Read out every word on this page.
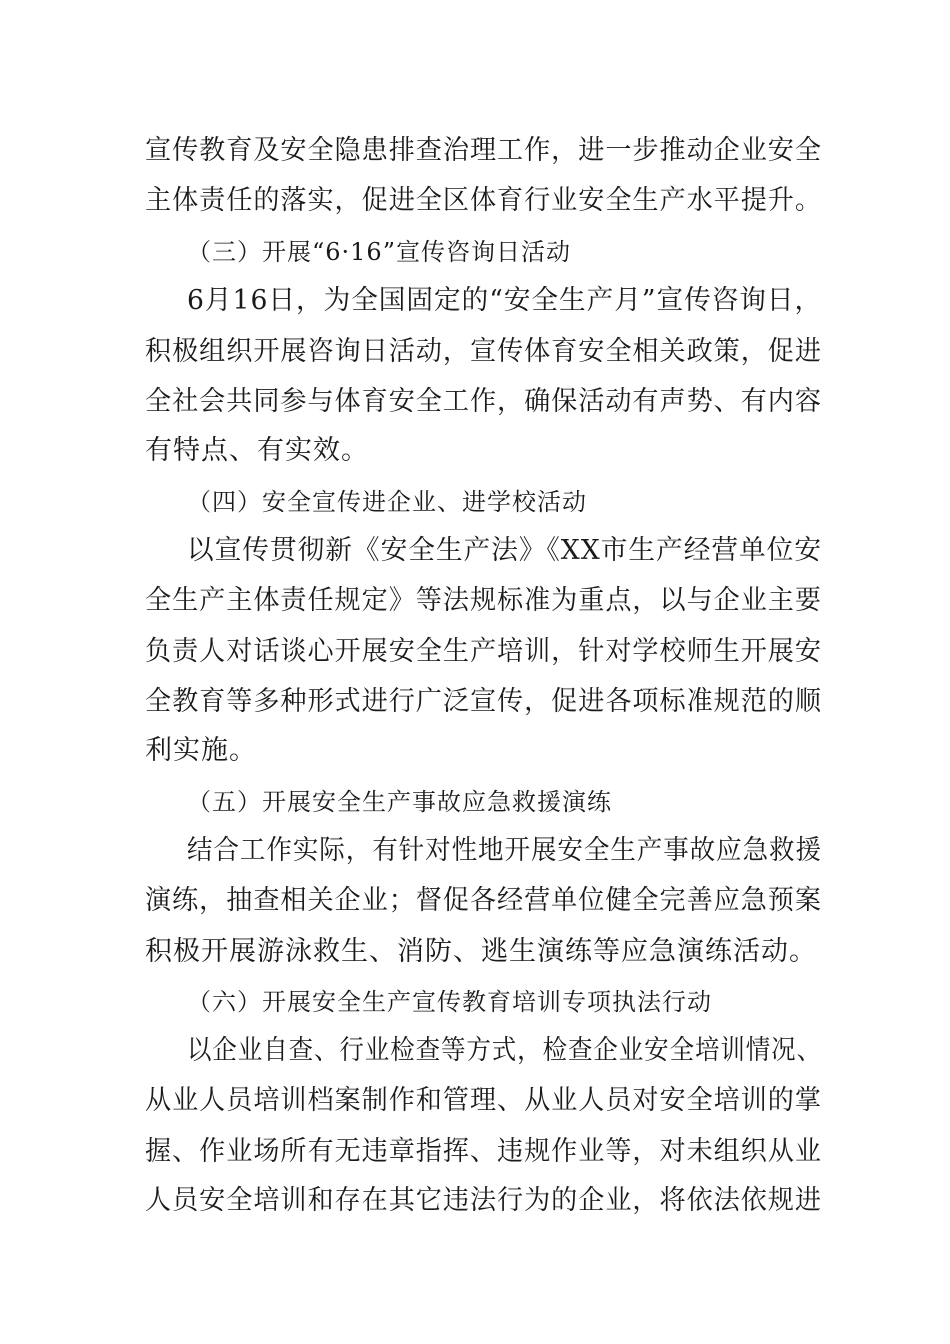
宣传教育及安全隐患排查治理工作，进一步推动企业安全
主体责任的落实，促进全区体育行业安全生产水平提升。
（三）开展“6·16”宣传咨询日活动
6月16日，为全国固定的“安全生产月”宣传咨询日，
积极组织开展咨询日活动，宣传体育安全相关政策，促进
全社会共同参与体育安全工作，确保活动有声势、有内容
有特点、有实效。
（四）安全宣传进企业、进学校活动
以宣传贯彻新《安全生产法》《XX市生产经营单位安
全生产主体责任规定》等法规标准为重点，以与企业主要
负责人对话谈心开展安全生产培训，针对学校师生开展安
全教育等多种形式进行广泛宣传，促进各项标准规范的顺
利实施。
（五）开展安全生产事故应急救援演练
结合工作实际，有针对性地开展安全生产事故应急救援
演练，抽查相关企业；督促各经营单位健全完善应急预案
积极开展游泳救生、消防、逃生演练等应急演练活动。
（六）开展安全生产宣传教育培训专项执法行动
以企业自查、行业检查等方式，检查企业安全培训情况、
从业人员培训档案制作和管理、从业人员对安全培训的掌
握、作业场所有无违章指挥、违规作业等，对未组织从业
人员安全培训和存在其它违法行为的企业，将依法依规进
